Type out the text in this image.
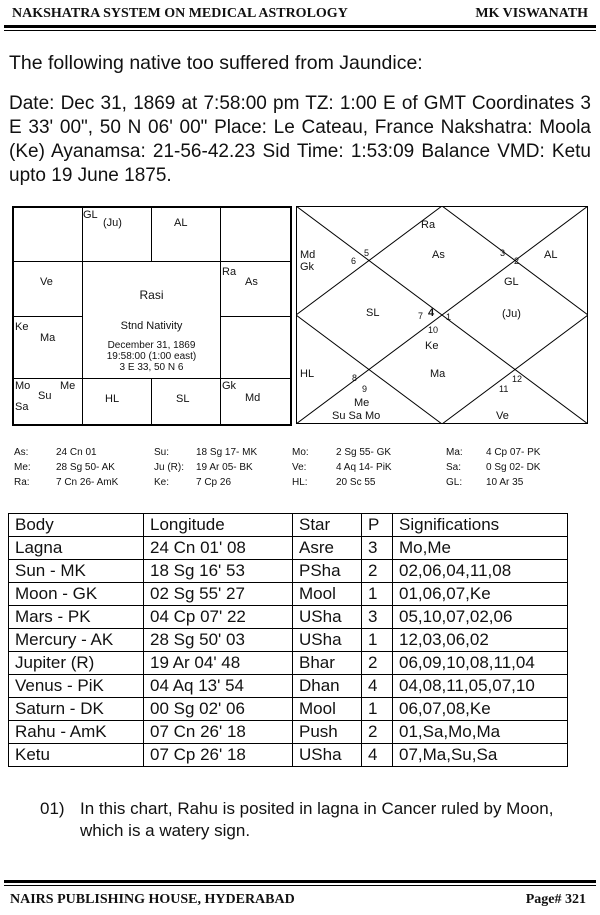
NAKSHATRA SYSTEM ON MEDICAL ASTROLOGY	MK VISWANATH
The following native too suffered from Jaundice:
Date: Dec 31, 1869 at 7:58:00 pm TZ: 1:00 E of GMT Coordinates 3 E 33' 00", 50 N 06' 00" Place: Le Cateau, France Nakshatra: Moola (Ke) Ayanamsa: 21-56-42.23 Sid Time: 1:53:09 Balance VMD: Ketu upto 19 June 1875.
GL
(Ju)	AL
Ve
Ra
As
Ke
Ma
Rasi
Stnd Nativity
December 31, 1869
19:58:00 (1:00 east)
3 E 33, 50 N 6
Mo	Me
Su
Sa
HL	SL
Gk
Md
Ra
As
Md
Gk
AL
GL
SL	(Ju)
Ke
HL	Ma
Me
Su Sa Mo	Ve
5
6
3
2
7 4 1
10
8
9
12
11
As:	24 Cn 01	Su:	18 Sg 17- MK	Mo:	2 Sg 55- GK	Ma: 4 Cp 07- PK
Me:	28 Sg 50- AK	Ju (R): 19 Ar 05- BK	Ve:	4 Aq 14- PiK	Sa: 0 Sg 02- DK
Ra:	7 Cn 26- AmK	Ke:	7 Cp 26	HL:	20 Sc 55	GL: 10 Ar 35
Body	Longitude	Star	P	Significations
Lagna	24 Cn 01' 08	Asre	3	Mo,Me
Sun - MK	18 Sg 16' 53	PSha	2	02,06,04,11,08
Moon - GK	02 Sg 55' 27	Mool	1	01,06,07,Ke
Mars - PK	04 Cp 07' 22	USha	3	05,10,07,02,06
Mercury - AK	28 Sg 50' 03	USha	1	12,03,06,02
Jupiter (R)	19 Ar 04' 48	Bhar	2	06,09,10,08,11,04
Venus - PiK	04 Aq 13' 54	Dhan	4	04,08,11,05,07,10
Saturn - DK	00 Sg 02' 06	Mool	1	06,07,08,Ke
Rahu - AmK	07 Cn 26' 18	Push	2	01,Sa,Mo,Ma
Ketu	07 Cp 26' 18	USha	4	07,Ma,Su,Sa
01) In this chart, Rahu is posited in lagna in Cancer ruled by Moon, which is a watery sign.
NAIRS PUBLISHING HOUSE, HYDERABAD	Page# 321
